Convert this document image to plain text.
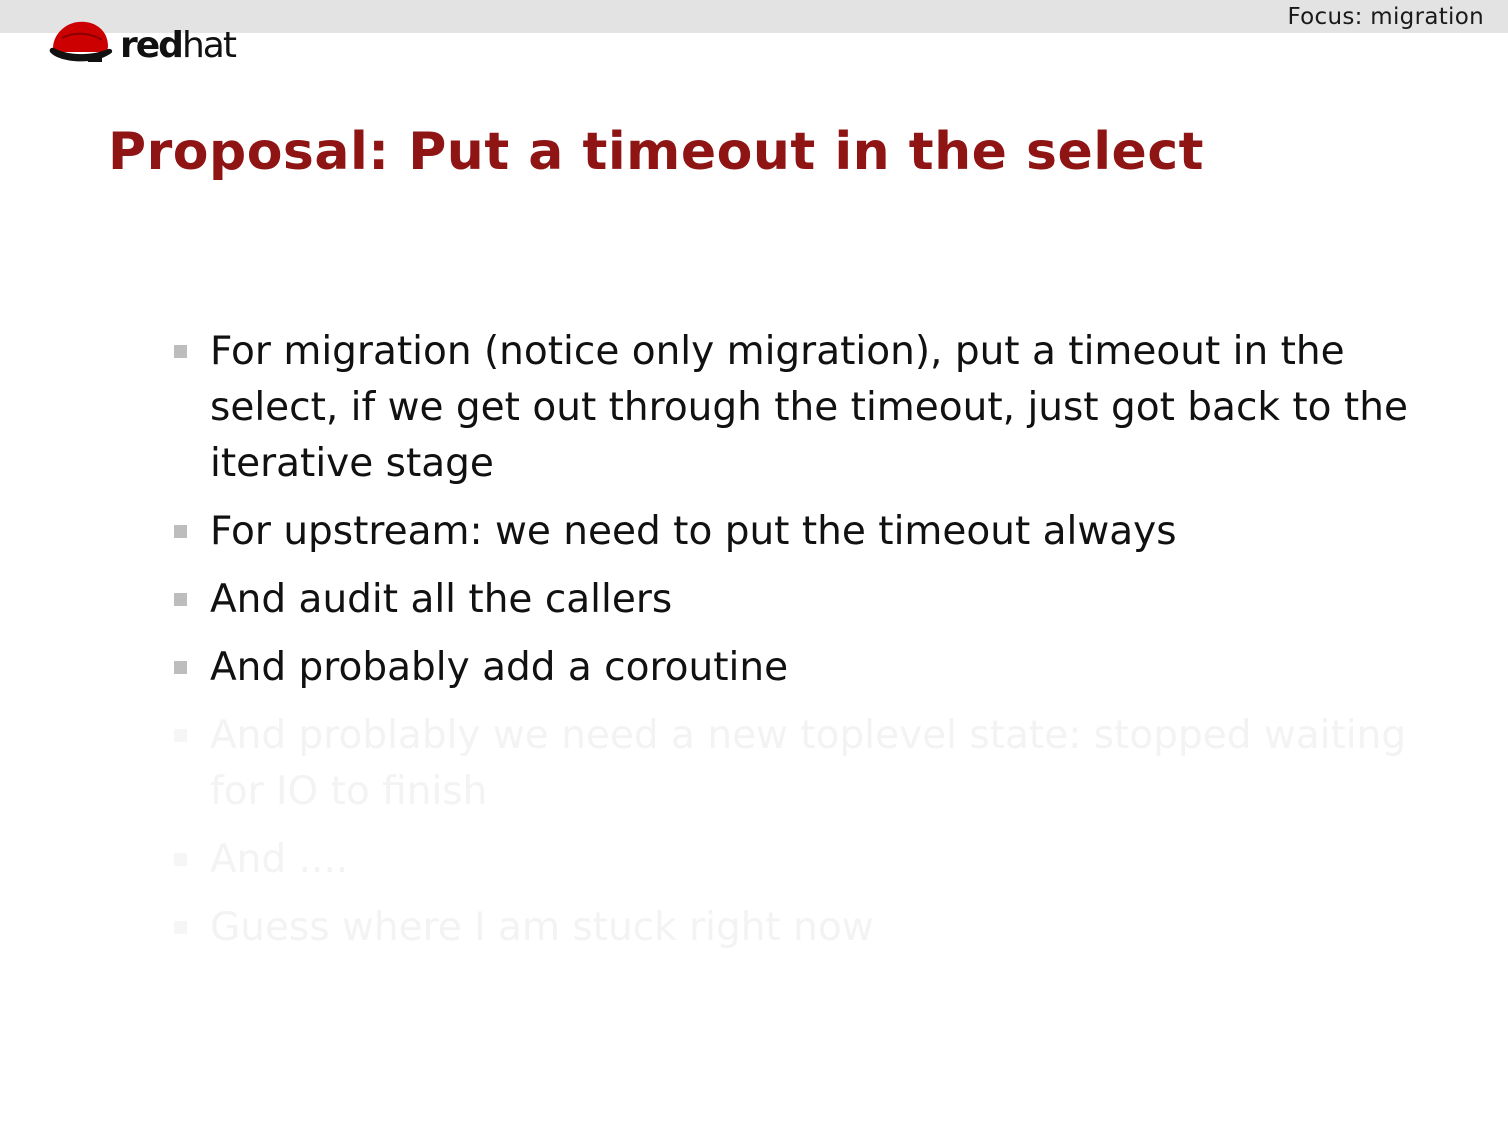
Focus: migration
redhat
Proposal: Put a timeout in the select
For migration (notice only migration), put a timeout in the select, if we get out through the timeout, just got back to the iterative stage
For upstream: we need to put the timeout always
And audit all the callers
And probably add a coroutine
And problably we need a new toplevel state: stopped waiting for IO to finish
And ....
Guess where I am stuck right now
